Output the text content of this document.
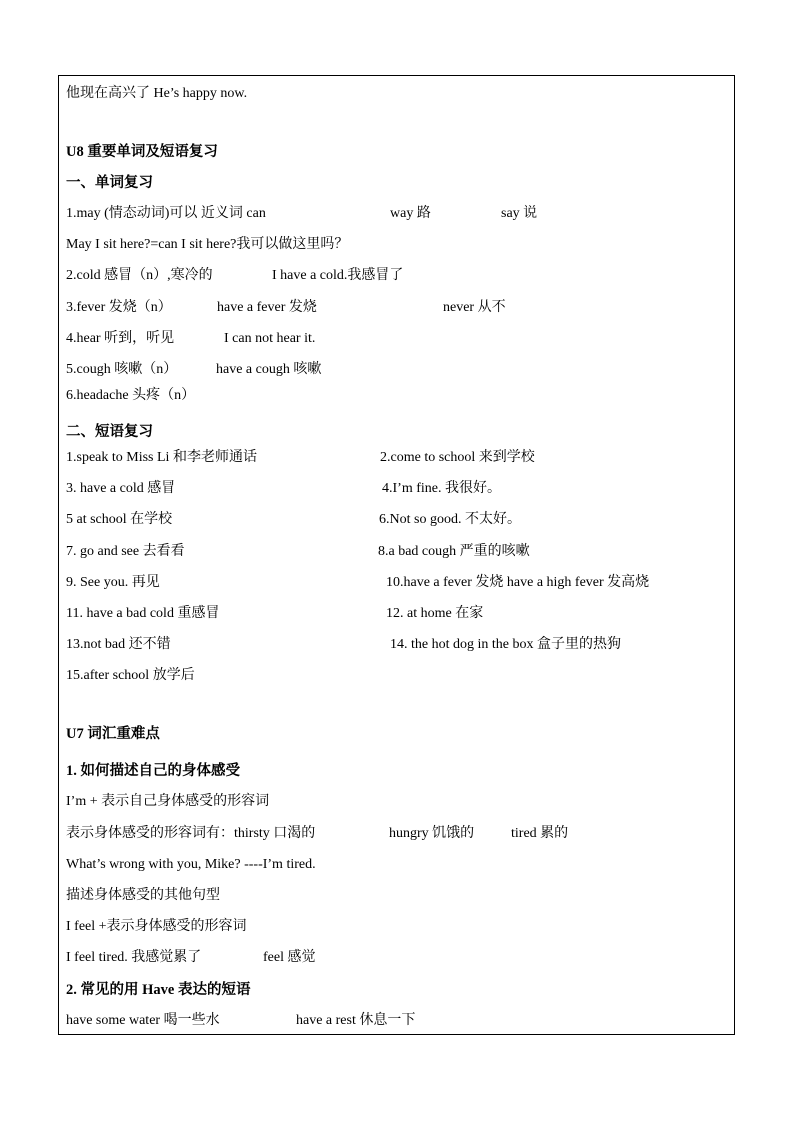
他现在高兴了 He’s happy now.
U8 重要单词及短语复习
一、单词复习
1.may (情态动词)可以 近义词 can	way 路	say 说
May I sit here?=can I sit here?我可以做这里吗？
2.cold 感冒（n）,寒冷的	I have a cold.我感冒了
3.fever 发烧（n）	have a fever 发烧	never 从不
4.hear 听到，听见	I can not hear it.
5.cough 咳嗽（n）	have a cough 咳嗽
6.headache 头疼（n）
二、短语复习
1.speak to Miss Li 和李老师通话	2.come to school 来到学校
3. have a cold 感冒	4.I’m fine. 我很好。
5 at school 在学校	6.Not so good. 不太好。
7. go and see 去看看	8.a bad cough 严重的咳嗽
9. See you. 再见	10.have a fever 发烧 have a high fever 发高烧
11. have a bad cold 重感冒	12. at home 在家
13.not bad 还不错	14. the hot dog in the box 盒子里的热狗
15.after school 放学后
U7 词汇重难点
1. 如何描述自己的身体感受
I’m + 表示自己身体感受的形容词
表示身体感受的形容词有：thirsty 口渴的	hungry 饥饿的	tired 累的
What’s wrong with you, Mike? ----I’m tired.
描述身体感受的其他句型
I feel +表示身体感受的形容词
I feel tired. 我感觉累了	feel 感觉
2. 常见的用 Have 表达的短语
have some water 喝一些水	have a rest 休息一下
